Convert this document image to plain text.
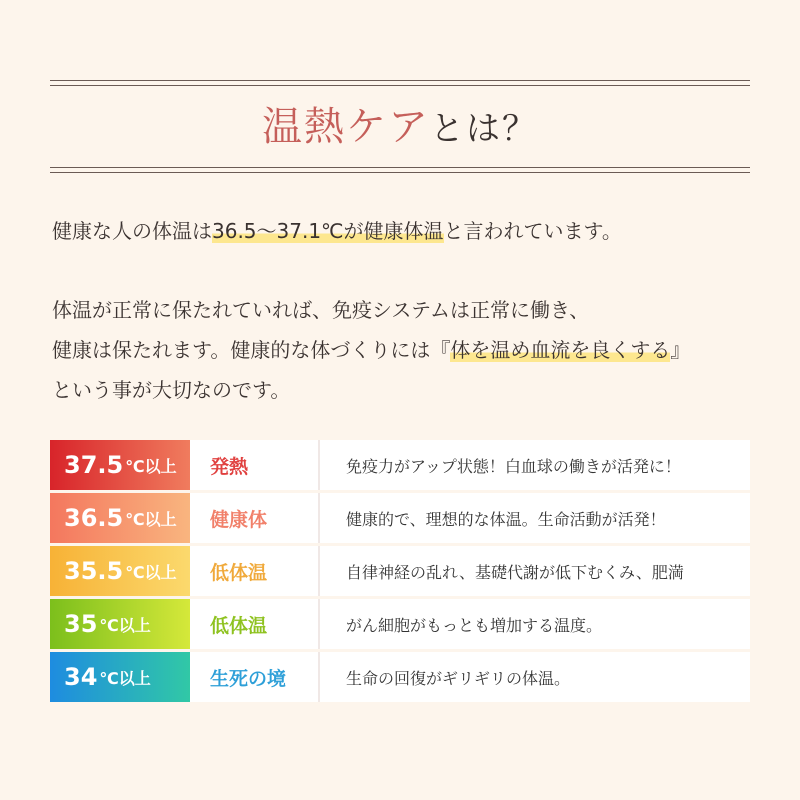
温熱ケアとは？
健康な人の体温は36.5～37.1℃が健康体温と言われています。
体温が正常に保たれていれば、免疫システムは正常に働き、
健康は保たれます。健康的な体づくりには『体を温め血流を良くする』
という事が大切なのです。
37.5 ℃以上	発熱	免疫力がアップ状態！白血球の働きが活発に！
36.5 ℃以上	健康体	健康的で、理想的な体温。生命活動が活発！
35.5 ℃以上	低体温	自律神経の乱れ、基礎代謝が低下むくみ、肥満
35 ℃以上	低体温	がん細胞がもっとも増加する温度。
34 ℃以上	生死の境	生命の回復がギリギリの体温。
